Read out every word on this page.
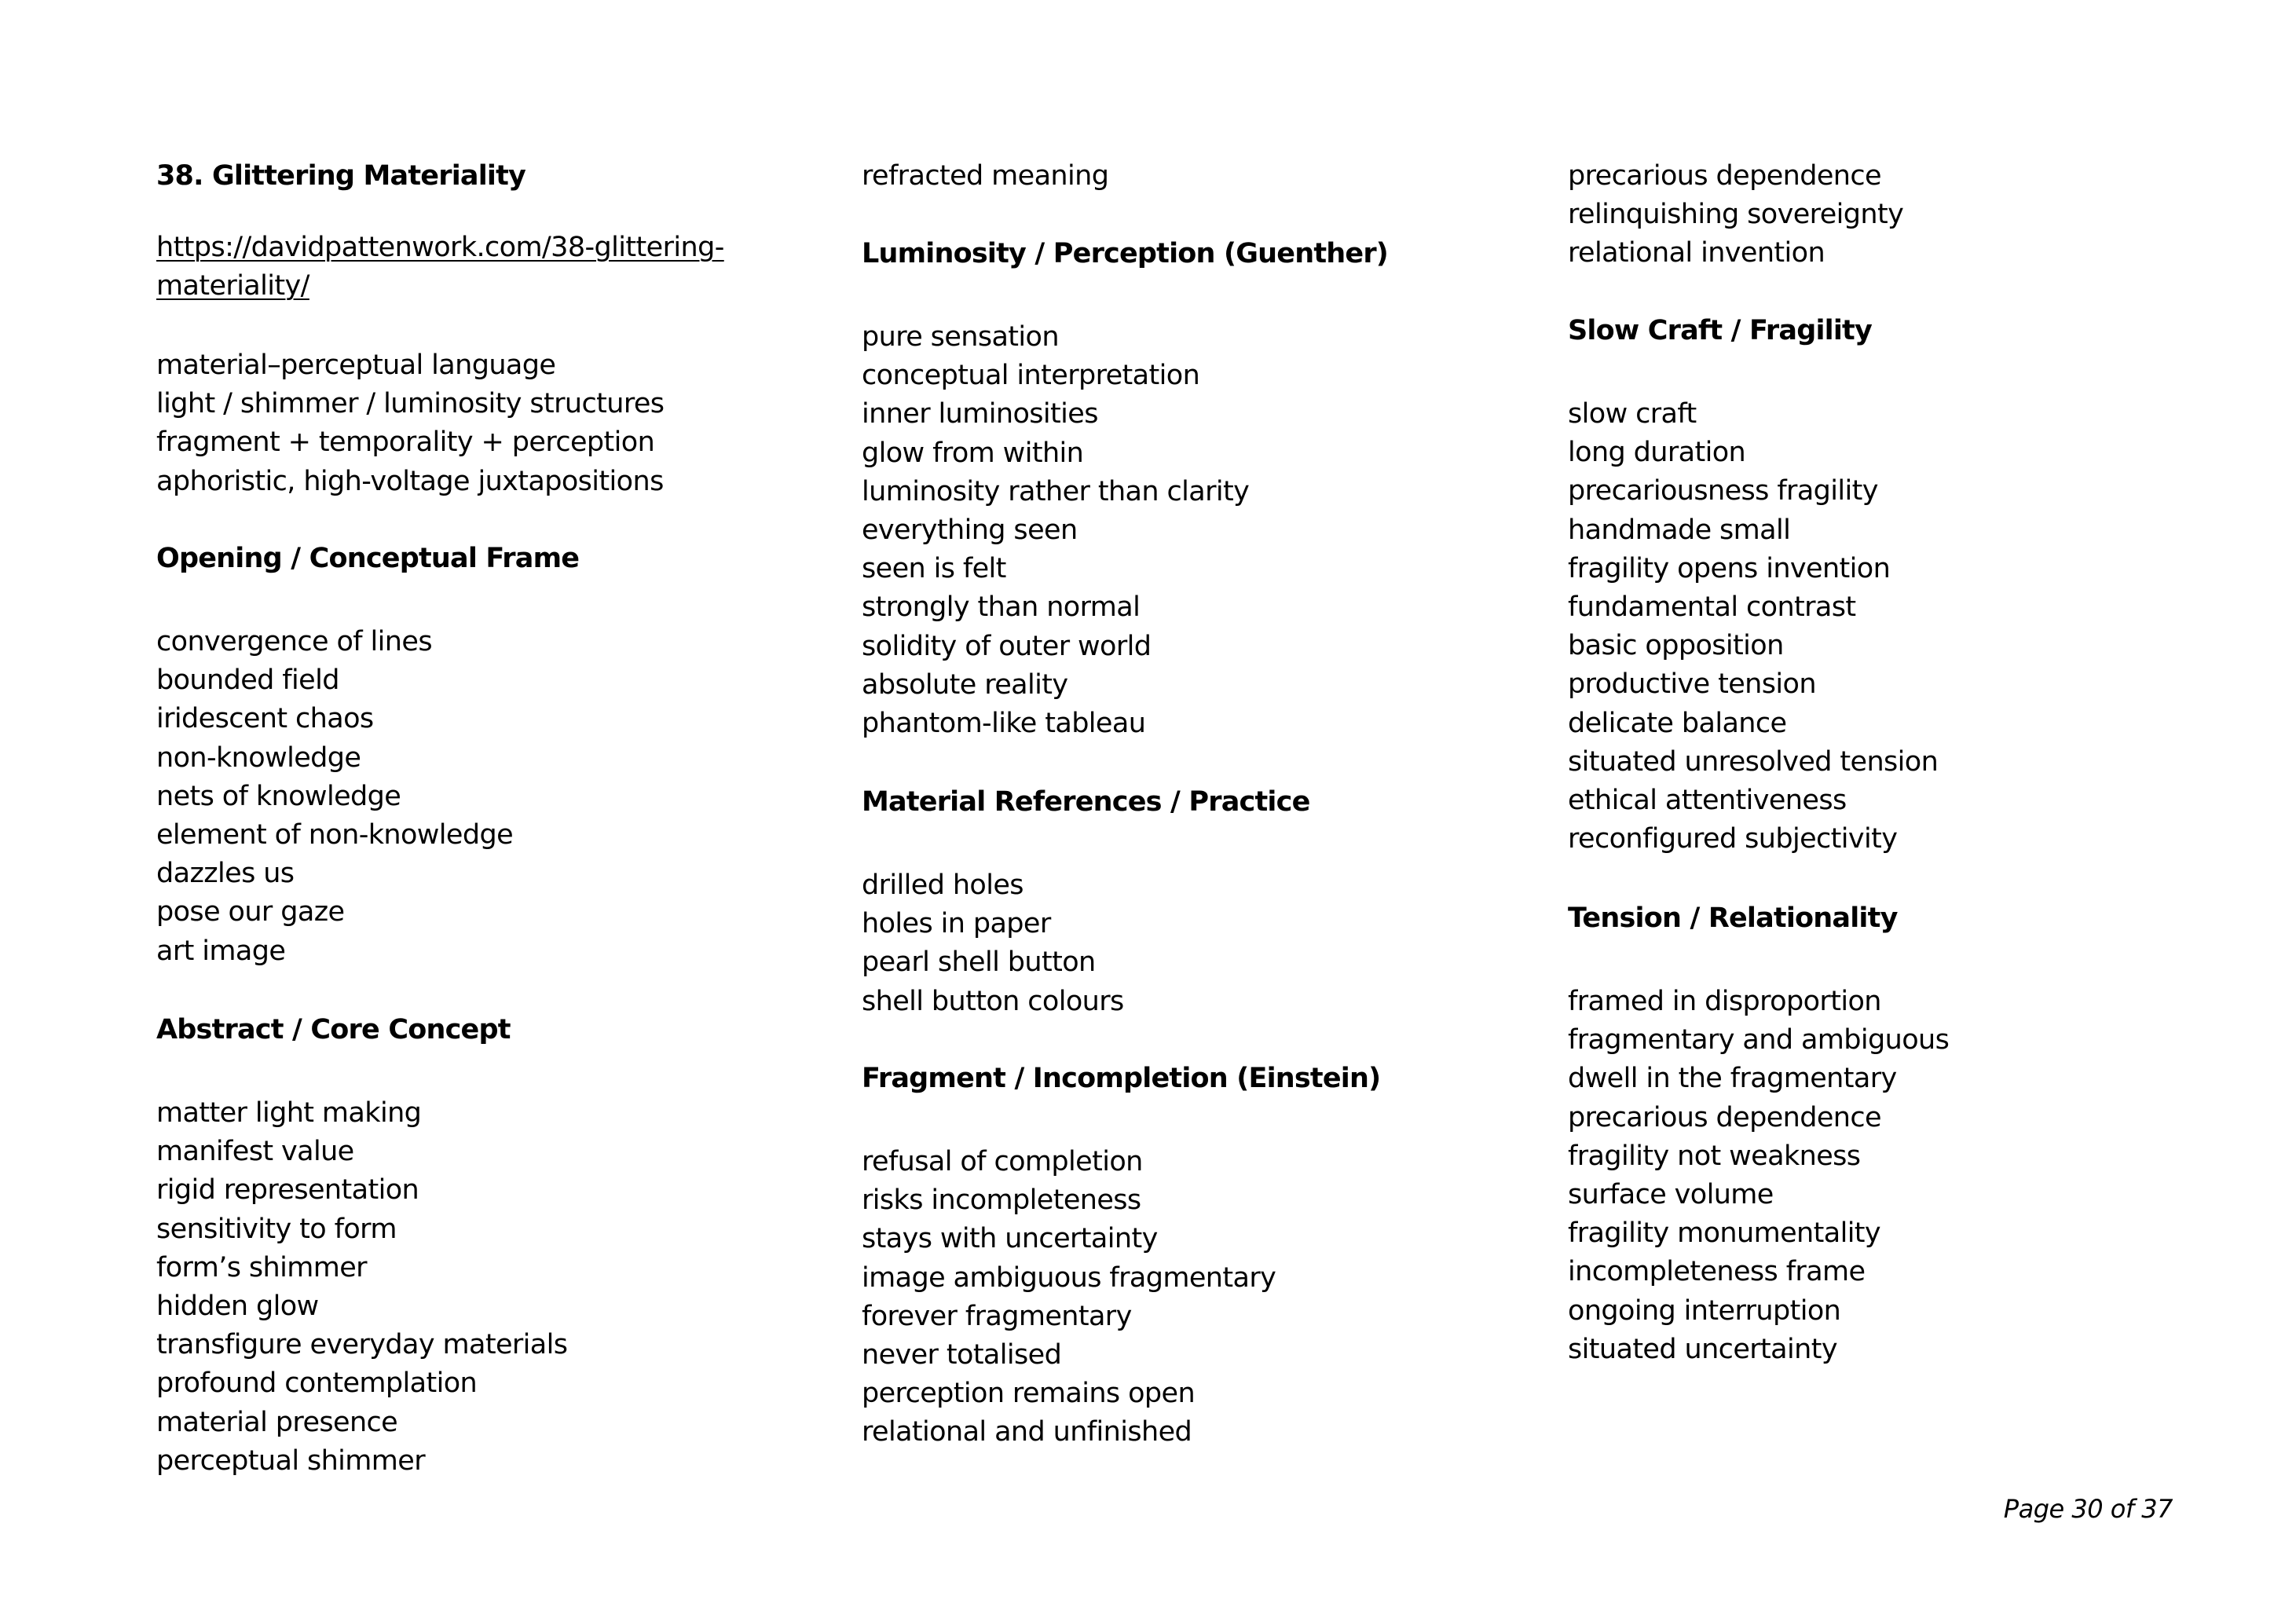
38. Glittering Materiality
https://davidpattenwork.com/38-glittering-
materiality/
material–perceptual language
light / shimmer / luminosity structures
fragment + temporality + perception
aphoristic, high-voltage juxtapositions
Opening / Conceptual Frame
convergence of lines
bounded field
iridescent chaos
non-knowledge
nets of knowledge
element of non-knowledge
dazzles us
pose our gaze
art image
Abstract / Core Concept
matter light making
manifest value
rigid representation
sensitivity to form
form’s shimmer
hidden glow
transfigure everyday materials
profound contemplation
material presence
perceptual shimmer
refracted meaning
Luminosity / Perception (Guenther)
pure sensation
conceptual interpretation
inner luminosities
glow from within
luminosity rather than clarity
everything seen
seen is felt
strongly than normal
solidity of outer world
absolute reality
phantom-like tableau
Material References / Practice
drilled holes
holes in paper
pearl shell button
shell button colours
Fragment / Incompletion (Einstein)
refusal of completion
risks incompleteness
stays with uncertainty
image ambiguous fragmentary
forever fragmentary
never totalised
perception remains open
relational and unfinished
precarious dependence
relinquishing sovereignty
relational invention
Slow Craft / Fragility
slow craft
long duration
precariousness fragility
handmade small
fragility opens invention
fundamental contrast
basic opposition
productive tension
delicate balance
situated unresolved tension
ethical attentiveness
reconfigured subjectivity
Tension / Relationality
framed in disproportion
fragmentary and ambiguous
dwell in the fragmentary
precarious dependence
fragility not weakness
surface volume
fragility monumentality
incompleteness frame
ongoing interruption
situated uncertainty
Page 30 of 37
